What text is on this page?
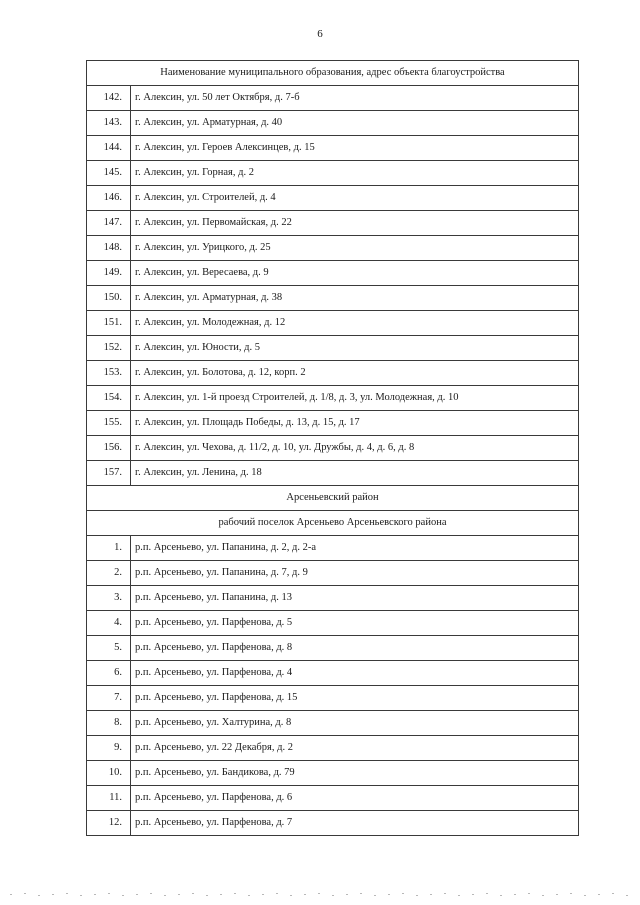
6
Наименование муниципального образования, адрес объекта благоустройства	
142.	г. Алексин, ул. 50 лет Октября, д. 7-б
143.	г. Алексин, ул. Арматурная, д. 40
144.	г. Алексин, ул. Героев Алексинцев, д. 15
145.	г. Алексин, ул. Горная, д. 2
146.	г. Алексин, ул. Строителей, д. 4
147.	г. Алексин, ул. Первомайская, д. 22
148.	г. Алексин, ул. Урицкого, д. 25
149.	г. Алексин, ул. Вересаева, д. 9
150.	г. Алексин, ул. Арматурная, д. 38
151.	г. Алексин, ул. Молодежная, д. 12
152.	г. Алексин, ул. Юности, д. 5
153.	г. Алексин, ул. Болотова, д. 12, корп. 2
154.	г. Алексин, ул. 1-й проезд Строителей, д. 1/8, д. 3, ул. Молодежная, д. 10
155.	г. Алексин, ул. Площадь Победы, д. 13, д. 15, д. 17
156.	г. Алексин, ул. Чехова, д. 11/2, д. 10, ул. Дружбы, д. 4, д. 6, д. 8
157.	г. Алексин, ул. Ленина, д. 18
Арсеньевский район	
рабочий поселок Арсеньево Арсеньевского района	
1.	р.п. Арсеньево, ул. Папанина, д. 2, д. 2-а
2.	р.п. Арсеньево, ул. Папанина, д. 7, д. 9
3.	р.п. Арсеньево, ул. Папанина, д. 13
4.	р.п. Арсеньево, ул. Парфенова, д. 5
5.	р.п. Арсеньево, ул. Парфенова, д. 8
6.	р.п. Арсеньево, ул. Парфенова, д. 4
7.	р.п. Арсеньево, ул. Парфенова, д. 15
8.	р.п. Арсеньево, ул. Халтурина, д. 8
9.	р.п. Арсеньево, ул. 22 Декабря, д. 2
10.	р.п. Арсеньево, ул. Бандикова, д. 79
11.	р.п. Арсеньево, ул. Парфенова, д. 6
12.	р.п. Арсеньево, ул. Парфенова, д. 7
